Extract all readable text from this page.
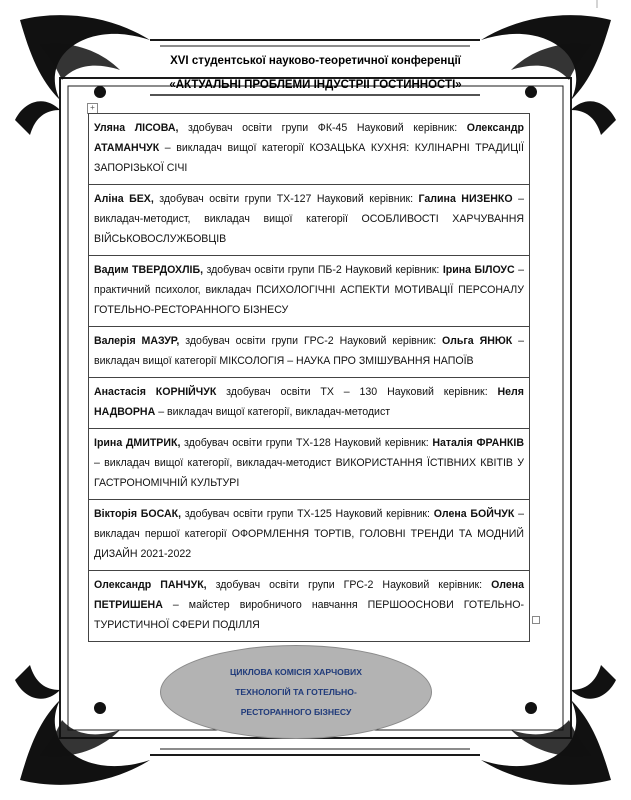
XVI студентської науково-теоретичної конференції
«АКТУАЛЬНІ ПРОБЛЕМИ ІНДУСТРІЇ ГОСТИННОСТІ»
+
Уляна ЛІСОВА, здобувач освіти групи ФК-45 Науковий керівник: Олександр АТАМАНЧУК – викладач вищої категорії КОЗАЦЬКА КУХНЯ: КУЛІНАРНІ ТРАДИЦІЇ ЗАПОРІЗЬКОЇ СІЧІ
Аліна БЕХ, здобувач освіти групи ТХ-127 Науковий керівник: Галина НИЗЕНКО – викладач-методист, викладач вищої категорії ОСОБЛИВОСТІ ХАРЧУВАННЯ ВІЙСЬКОВОСЛУЖБОВЦІВ
Вадим ТВЕРДОХЛІБ, здобувач освіти групи ПБ-2 Науковий керівник: Ірина БІЛОУС – практичний психолог, викладач ПСИХОЛОГІЧНІ АСПЕКТИ МОТИВАЦІЇ ПЕРСОНАЛУ ГОТЕЛЬНО-РЕСТОРАННОГО БІЗНЕСУ
Валерія МАЗУР, здобувач освіти групи ГРС-2 Науковий керівник: Ольга ЯНЮК – викладач вищої категорії МІКСОЛОГІЯ – НАУКА ПРО ЗМІШУВАННЯ НАПОЇВ
Анастасія КОРНІЙЧУК здобувач освіти ТХ – 130 Науковий керівник: Неля НАДВОРНА – викладач вищої категорії, викладач-методист
Ірина ДМИТРИК, здобувач освіти групи ТХ-128 Науковий керівник: Наталія ФРАНКІВ – викладач вищої категорії, викладач-методист ВИКОРИСТАННЯ ЇСТІВНИХ КВІТІВ У ГАСТРОНОМІЧНІЙ КУЛЬТУРІ
Вікторія БОСАК, здобувач освіти групи ТХ-125 Науковий керівник: Олена БОЙЧУК – викладач першої категорії ОФОРМЛЕННЯ ТОРТІВ, ГОЛОВНІ ТРЕНДИ ТА МОДНИЙ ДИЗАЙН 2021-2022
Олександр ПАНЧУК, здобувач освіти групи ГРС-2 Науковий керівник: Олена ПЕТРИШЕНА – майстер виробничого навчання ПЕРШООСНОВИ ГОТЕЛЬНО-ТУРИСТИЧНОЇ СФЕРИ ПОДІЛЛЯ
ЦИКЛОВА КОМІСІЯ ХАРЧОВИХ
ТЕХНОЛОГІЙ ТА ГОТЕЛЬНО-
РЕСТОРАННОГО БІЗНЕСУ
